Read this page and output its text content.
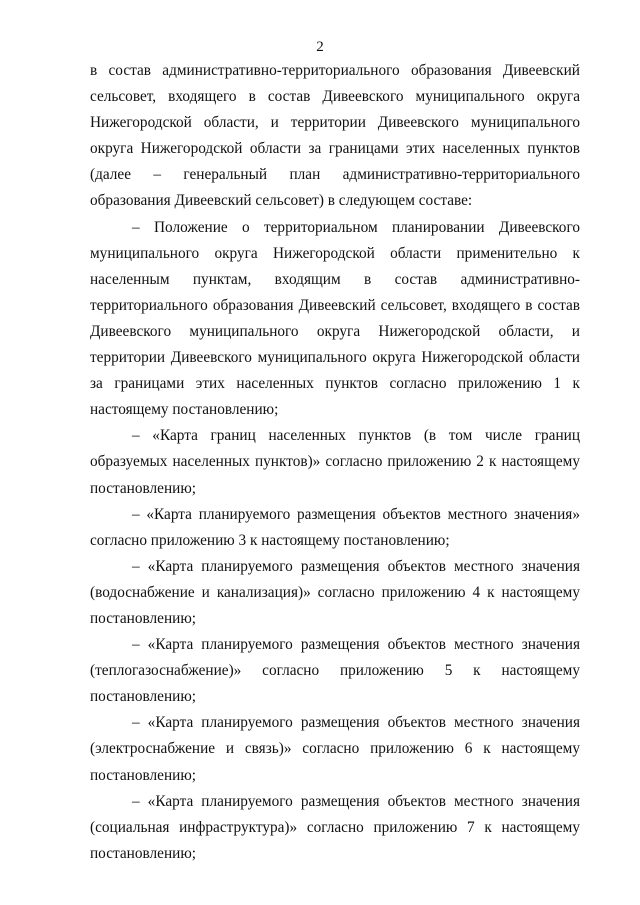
2

в состав административно-территориального образования Дивеевский сельсовет, входящего в состав Дивеевского муниципального округа Нижегородской области, и территории Дивеевского муниципального округа Нижегородской области за границами этих населенных пунктов (далее – генеральный план административно-территориального образования Дивеевский сельсовет) в следующем составе:

– Положение о территориальном планировании Дивеевского муниципального округа Нижегородской области применительно к населенным пунктам, входящим в состав административно-территориального образования Дивеевский сельсовет, входящего в состав Дивеевского муниципального округа Нижегородской области, и территории Дивеевского муниципального округа Нижегородской области за границами этих населенных пунктов согласно приложению 1 к настоящему постановлению;

– «Карта границ населенных пунктов (в том числе границ образуемых населенных пунктов)» согласно приложению 2 к настоящему постановлению;

– «Карта планируемого размещения объектов местного значения» согласно приложению 3 к настоящему постановлению;

– «Карта планируемого размещения объектов местного значения (водоснабжение и канализация)» согласно приложению 4 к настоящему постановлению;

– «Карта планируемого размещения объектов местного значения (теплогазоснабжение)» согласно приложению 5 к настоящему постановлению;

– «Карта планируемого размещения объектов местного значения (электроснабжение и связь)» согласно приложению 6 к настоящему постановлению;

– «Карта планируемого размещения объектов местного значения (социальная инфраструктура)» согласно приложению 7 к настоящему постановлению;
